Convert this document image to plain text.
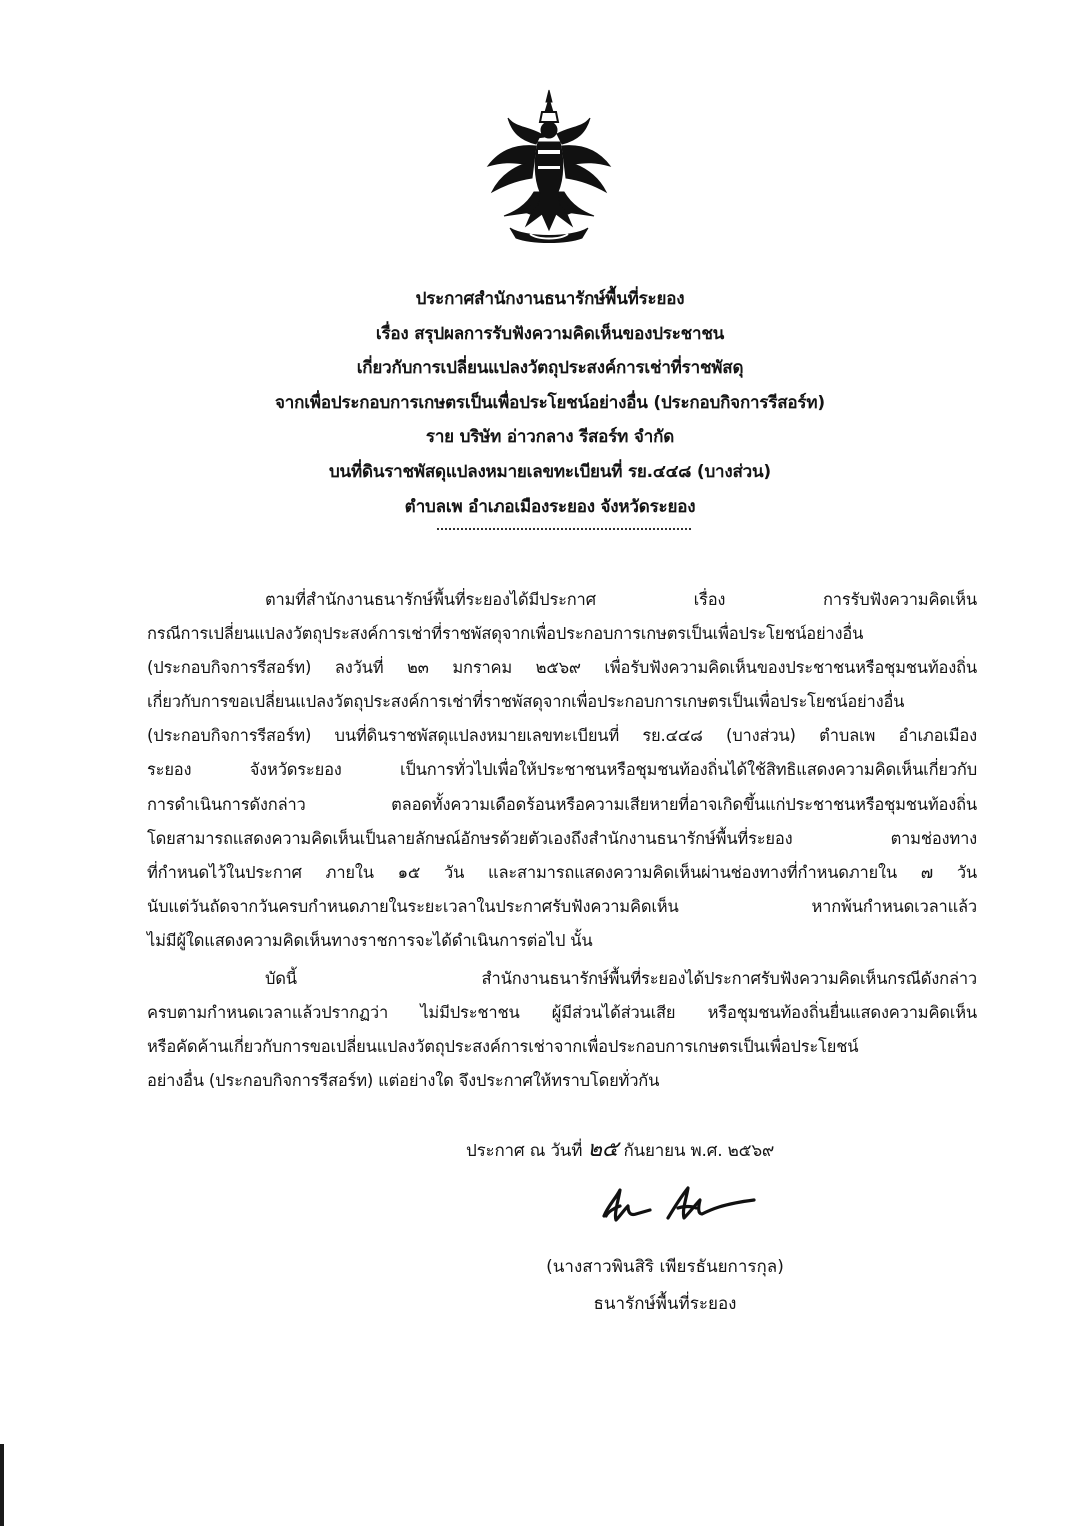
ประกาศสำนักงานธนารักษ์พื้นที่ระยอง
เรื่อง สรุปผลการรับฟังความคิดเห็นของประชาชน
เกี่ยวกับการเปลี่ยนแปลงวัตถุประสงค์การเช่าที่ราชพัสดุ
จากเพื่อประกอบการเกษตรเป็นเพื่อประโยชน์อย่างอื่น (ประกอบกิจการรีสอร์ท)
ราย บริษัท อ่าวกลาง รีสอร์ท จำกัด
บนที่ดินราชพัสดุแปลงหมายเลขทะเบียนที่ รย.๔๔๘ (บางส่วน)
ตำบลเพ อำเภอเมืองระยอง จังหวัดระยอง
ตามที่สำนักงานธนารักษ์พื้นที่ระยองได้มีประกาศ เรื่อง การรับฟังความคิดเห็น
กรณีการเปลี่ยนแปลงวัตถุประสงค์การเช่าที่ราชพัสดุจากเพื่อประกอบการเกษตรเป็นเพื่อประโยชน์อย่างอื่น
(ประกอบกิจการรีสอร์ท) ลงวันที่ ๒๓ มกราคม ๒๕๖๙ เพื่อรับฟังความคิดเห็นของประชาชนหรือชุมชนท้องถิ่น
เกี่ยวกับการขอเปลี่ยนแปลงวัตถุประสงค์การเช่าที่ราชพัสดุจากเพื่อประกอบการเกษตรเป็นเพื่อประโยชน์อย่างอื่น
(ประกอบกิจการรีสอร์ท) บนที่ดินราชพัสดุแปลงหมายเลขทะเบียนที่ รย.๔๔๘ (บางส่วน) ตำบลเพ อำเภอเมือง
ระยอง จังหวัดระยอง เป็นการทั่วไปเพื่อให้ประชาชนหรือชุมชนท้องถิ่นได้ใช้สิทธิแสดงความคิดเห็นเกี่ยวกับ
การดำเนินการดังกล่าว ตลอดทั้งความเดือดร้อนหรือความเสียหายที่อาจเกิดขึ้นแก่ประชาชนหรือชุมชนท้องถิ่น
โดยสามารถแสดงความคิดเห็นเป็นลายลักษณ์อักษรด้วยตัวเองถึงสำนักงานธนารักษ์พื้นที่ระยอง ตามช่องทาง
ที่กำหนดไว้ในประกาศ ภายใน ๑๕ วัน และสามารถแสดงความคิดเห็นผ่านช่องทางที่กำหนดภายใน ๗ วัน
นับแต่วันถัดจากวันครบกำหนดภายในระยะเวลาในประกาศรับฟังความคิดเห็น หากพ้นกำหนดเวลาแล้ว
ไม่มีผู้ใดแสดงความคิดเห็นทางราชการจะได้ดำเนินการต่อไป นั้น
บัดนี้ สำนักงานธนารักษ์พื้นที่ระยองได้ประกาศรับฟังความคิดเห็นกรณีดังกล่าว
ครบตามกำหนดเวลาแล้วปรากฏว่า ไม่มีประชาชน ผู้มีส่วนได้ส่วนเสีย หรือชุมชนท้องถิ่นยื่นแสดงความคิดเห็น
หรือคัดค้านเกี่ยวกับการขอเปลี่ยนแปลงวัตถุประสงค์การเช่าจากเพื่อประกอบการเกษตรเป็นเพื่อประโยชน์
อย่างอื่น (ประกอบกิจการรีสอร์ท) แต่อย่างใด จึงประกาศให้ทราบโดยทั่วกัน
ประกาศ ณ วันที่ ๒๕ กันยายน พ.ศ. ๒๕๖๙
(นางสาวพินสิริ เพียรธันยการกุล)
ธนารักษ์พื้นที่ระยอง
